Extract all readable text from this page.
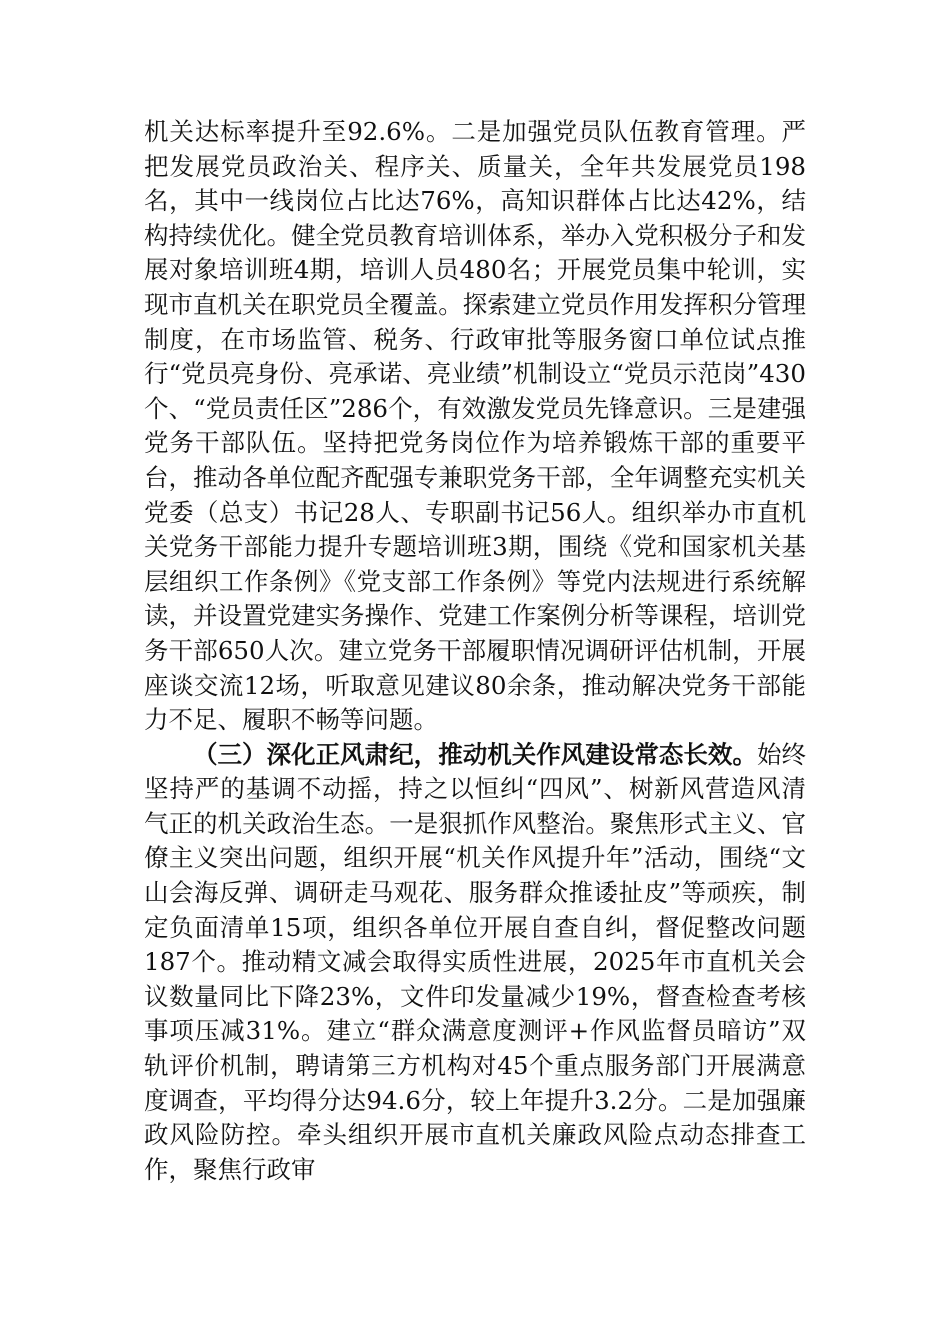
机关达标率提升至92.6%。二是加强党员队伍教育管理。严把发展党员政治关、程序关、质量关，全年共发展党员198名，其中一线岗位占比达76%，高知识群体占比达42%，结构持续优化。健全党员教育培训体系，举办入党积极分子和发展对象培训班4期，培训人员480名；开展党员集中轮训，实现市直机关在职党员全覆盖。探索建立党员作用发挥积分管理制度，在市场监管、税务、行政审批等服务窗口单位试点推行“党员亮身份、亮承诺、亮业绩”机制设立“党员示范岗”430个、“党员责任区”286个，有效激发党员先锋意识。三是建强党务干部队伍。坚持把党务岗位作为培养锻炼干部的重要平台，推动各单位配齐配强专兼职党务干部，全年调整充实机关党委（总支）书记28人、专职副书记56人。组织举办市直机关党务干部能力提升专题培训班3期，围绕《党和国家机关基层组织工作条例》《党支部工作条例》等党内法规进行系统解读，并设置党建实务操作、党建工作案例分析等课程，培训党务干部650人次。建立党务干部履职情况调研评估机制，开展座谈交流12场，听取意见建议80余条，推动解决党务干部能力不足、履职不畅等问题。

（三）深化正风肃纪，推动机关作风建设常态长效。始终坚持严的基调不动摇，持之以恒纠“四风”、树新风营造风清气正的机关政治生态。一是狠抓作风整治。聚焦形式主义、官僚主义突出问题，组织开展“机关作风提升年”活动，围绕“文山会海反弹、调研走马观花、服务群众推诿扯皮”等顽疾，制定负面清单15项，组织各单位开展自查自纠，督促整改问题187个。推动精文减会取得实质性进展，2025年市直机关会议数量同比下降23%，文件印发量减少19%，督查检查考核事项压减31%。建立“群众满意度测评+作风监督员暗访”双轨评价机制，聘请第三方机构对45个重点服务部门开展满意度调查，平均得分达94.6分，较上年提升3.2分。二是加强廉政风险防控。牵头组织开展市直机关廉政风险点动态排查工作，聚焦行政审
